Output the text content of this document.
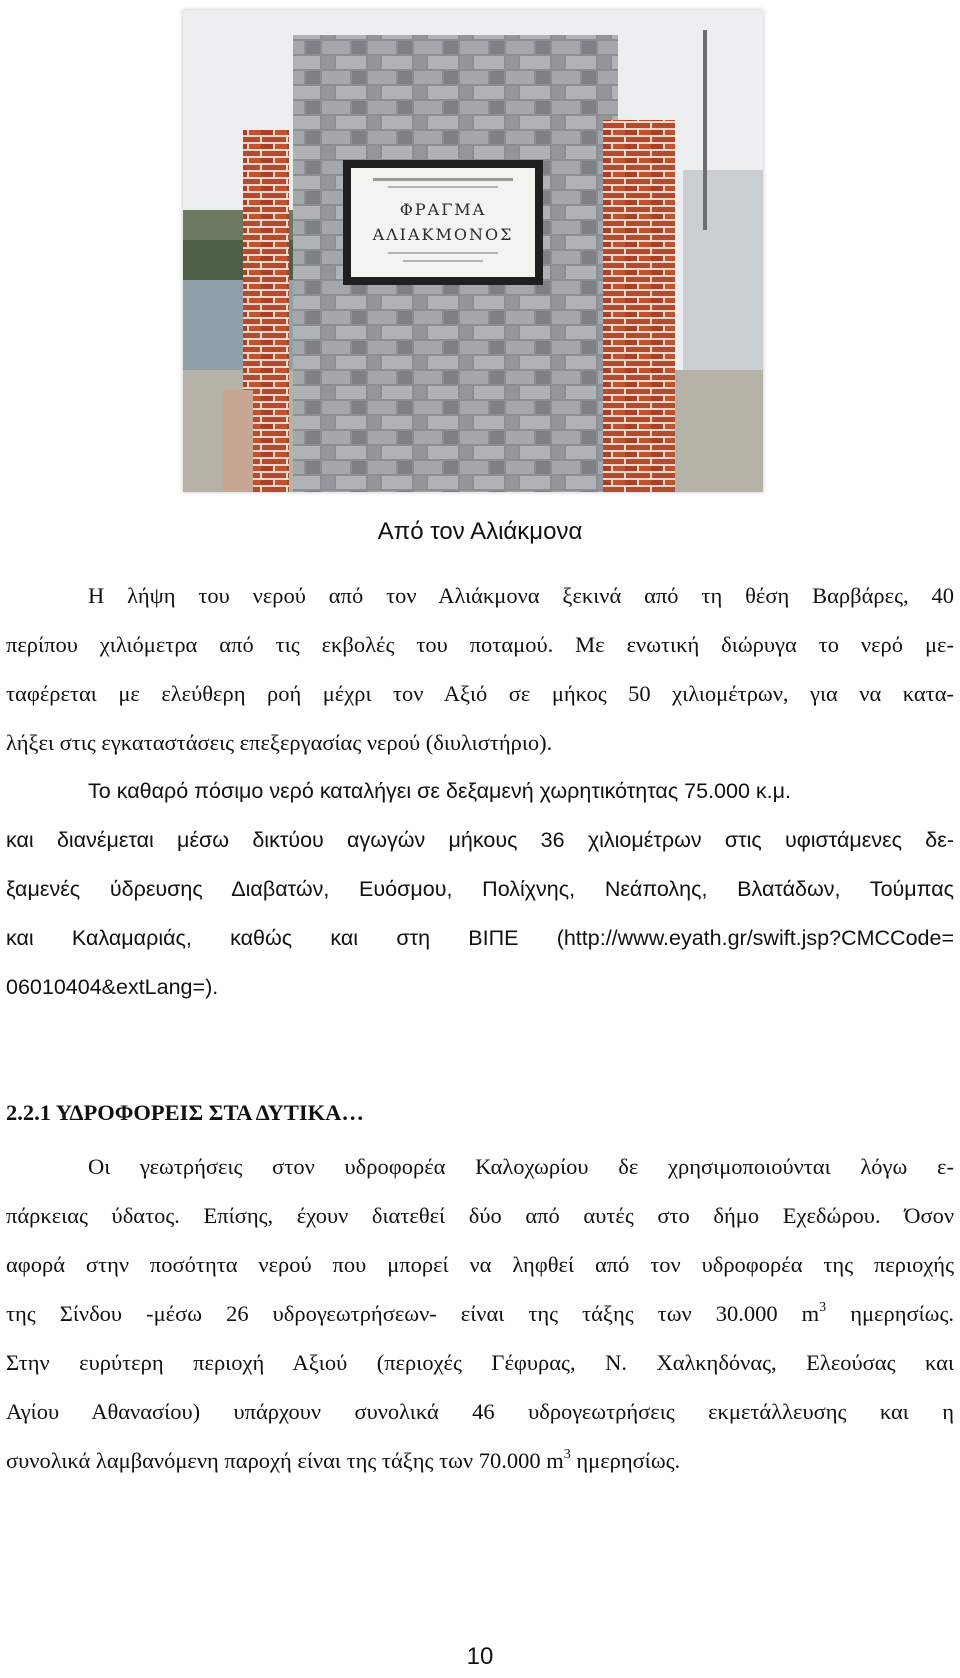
ΦΡΑΓΜΑ
ΑΛΙΑΚΜΟΝΟΣ
Από τον Αλιάκμονα
Η λήψη του νερού από τον Αλιάκμονα ξεκινά από τη θέση Βαρβάρες, 40
περίπου χιλιόμετρα από τις εκβολές του ποταμού. Με ενωτική διώρυγα το νερό με-
ταφέρεται με ελεύθερη ροή μέχρι τον Αξιό σε μήκος 50 χιλιομέτρων, για να κατα-
λήξει στις εγκαταστάσεις επεξεργασίας νερού (διυλιστήριο).
Το καθαρό πόσιμο νερό καταλήγει σε δεξαμενή χωρητικότητας 75.000 κ.μ.
και διανέμεται μέσω δικτύου αγωγών μήκους 36 χιλιομέτρων στις υφιστάμενες δε-
ξαμενές ύδρευσης Διαβατών, Ευόσμου, Πολίχνης, Νεάπολης, Βλατάδων, Τούμπας
και Καλαμαριάς, καθώς και στη ΒΙΠΕ (http://www.eyath.gr/swift.jsp?CMCCode=
06010404&extLang=).
2.2.1 ΥΔΡΟΦΟΡΕΙΣ ΣΤΑ ΔΥΤΙΚΑ…
Οι γεωτρήσεις στον υδροφορέα Καλοχωρίου δε χρησιμοποιούνται λόγω ε-
πάρκειας ύδατος. Επίσης, έχουν διατεθεί δύο από αυτές στο δήμο Εχεδώρου. Όσον
αφορά στην ποσότητα νερού που μπορεί να ληφθεί από τον υδροφορέα της περιοχής
της Σίνδου -μέσω 26 υδρογεωτρήσεων- είναι της τάξης των 30.000 $m^3$ ημερησίως.
Στην ευρύτερη περιοχή Αξιού (περιοχές Γέφυρας, Ν. Χαλκηδόνας, Ελεούσας και
Αγίου Αθανασίου) υπάρχουν συνολικά 46 υδρογεωτρήσεις εκμετάλλευσης και η
συνολικά λαμβανόμενη παροχή είναι της τάξης των 70.000 $m^3$ ημερησίως.
10
